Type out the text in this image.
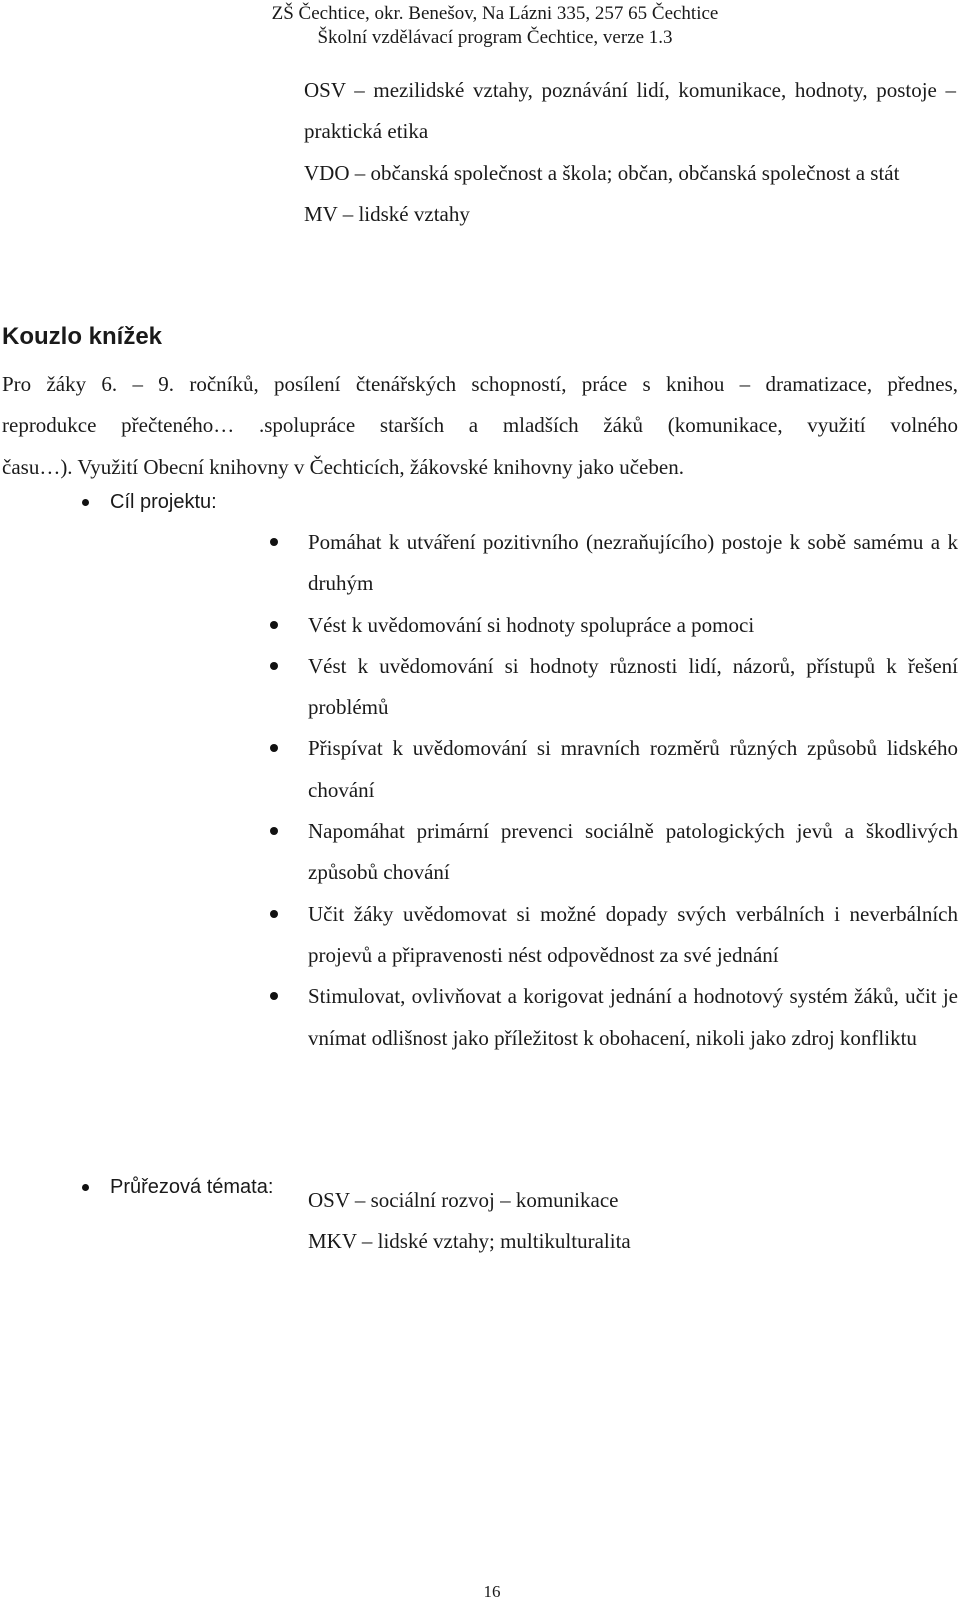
ZŠ Čechtice, okr. Benešov, Na Lázni 335, 257 65 Čechtice
Školní vzdělávací program Čechtice, verze 1.3

OSV – mezilidské vztahy, poznávání lidí, komunikace, hodnoty, postoje – praktická etika

VDO – občanská společnost a škola; občan, občanská společnost a stát

MV – lidské vztahy

Kouzlo knížek

Pro žáky 6. – 9. ročníků, posílení čtenářských schopností, práce s knihou – dramatizace, přednes,
reprodukce přečteného… .spolupráce starších a mladších žáků (komunikace, využití volného
času…). Využití Obecní knihovny v Čechticích, žákovské knihovny jako učeben.

Cíl projektu:
Pomáhat k utváření pozitivního (nezraňujícího) postoje k sobě samému a k druhým
Vést k uvědomování si hodnoty spolupráce a pomoci
Vést k uvědomování si hodnoty různosti lidí, názorů, přístupů k řešení problémů
Přispívat k uvědomování si mravních rozměrů různých způsobů lidského chování
Napomáhat primární prevenci sociálně patologických jevů a škodlivých způsobů chování
Učit žáky uvědomovat si možné dopady svých verbálních i neverbálních projevů a připravenosti nést odpovědnost za své jednání
Stimulovat, ovlivňovat a korigovat jednání a hodnotový systém žáků, učit je vnímat odlišnost jako příležitost k obohacení, nikoli jako zdroj konfliktu
Průřezová témata:

OSV – sociální rozvoj – komunikace

MKV – lidské vztahy; multikulturalita

16
